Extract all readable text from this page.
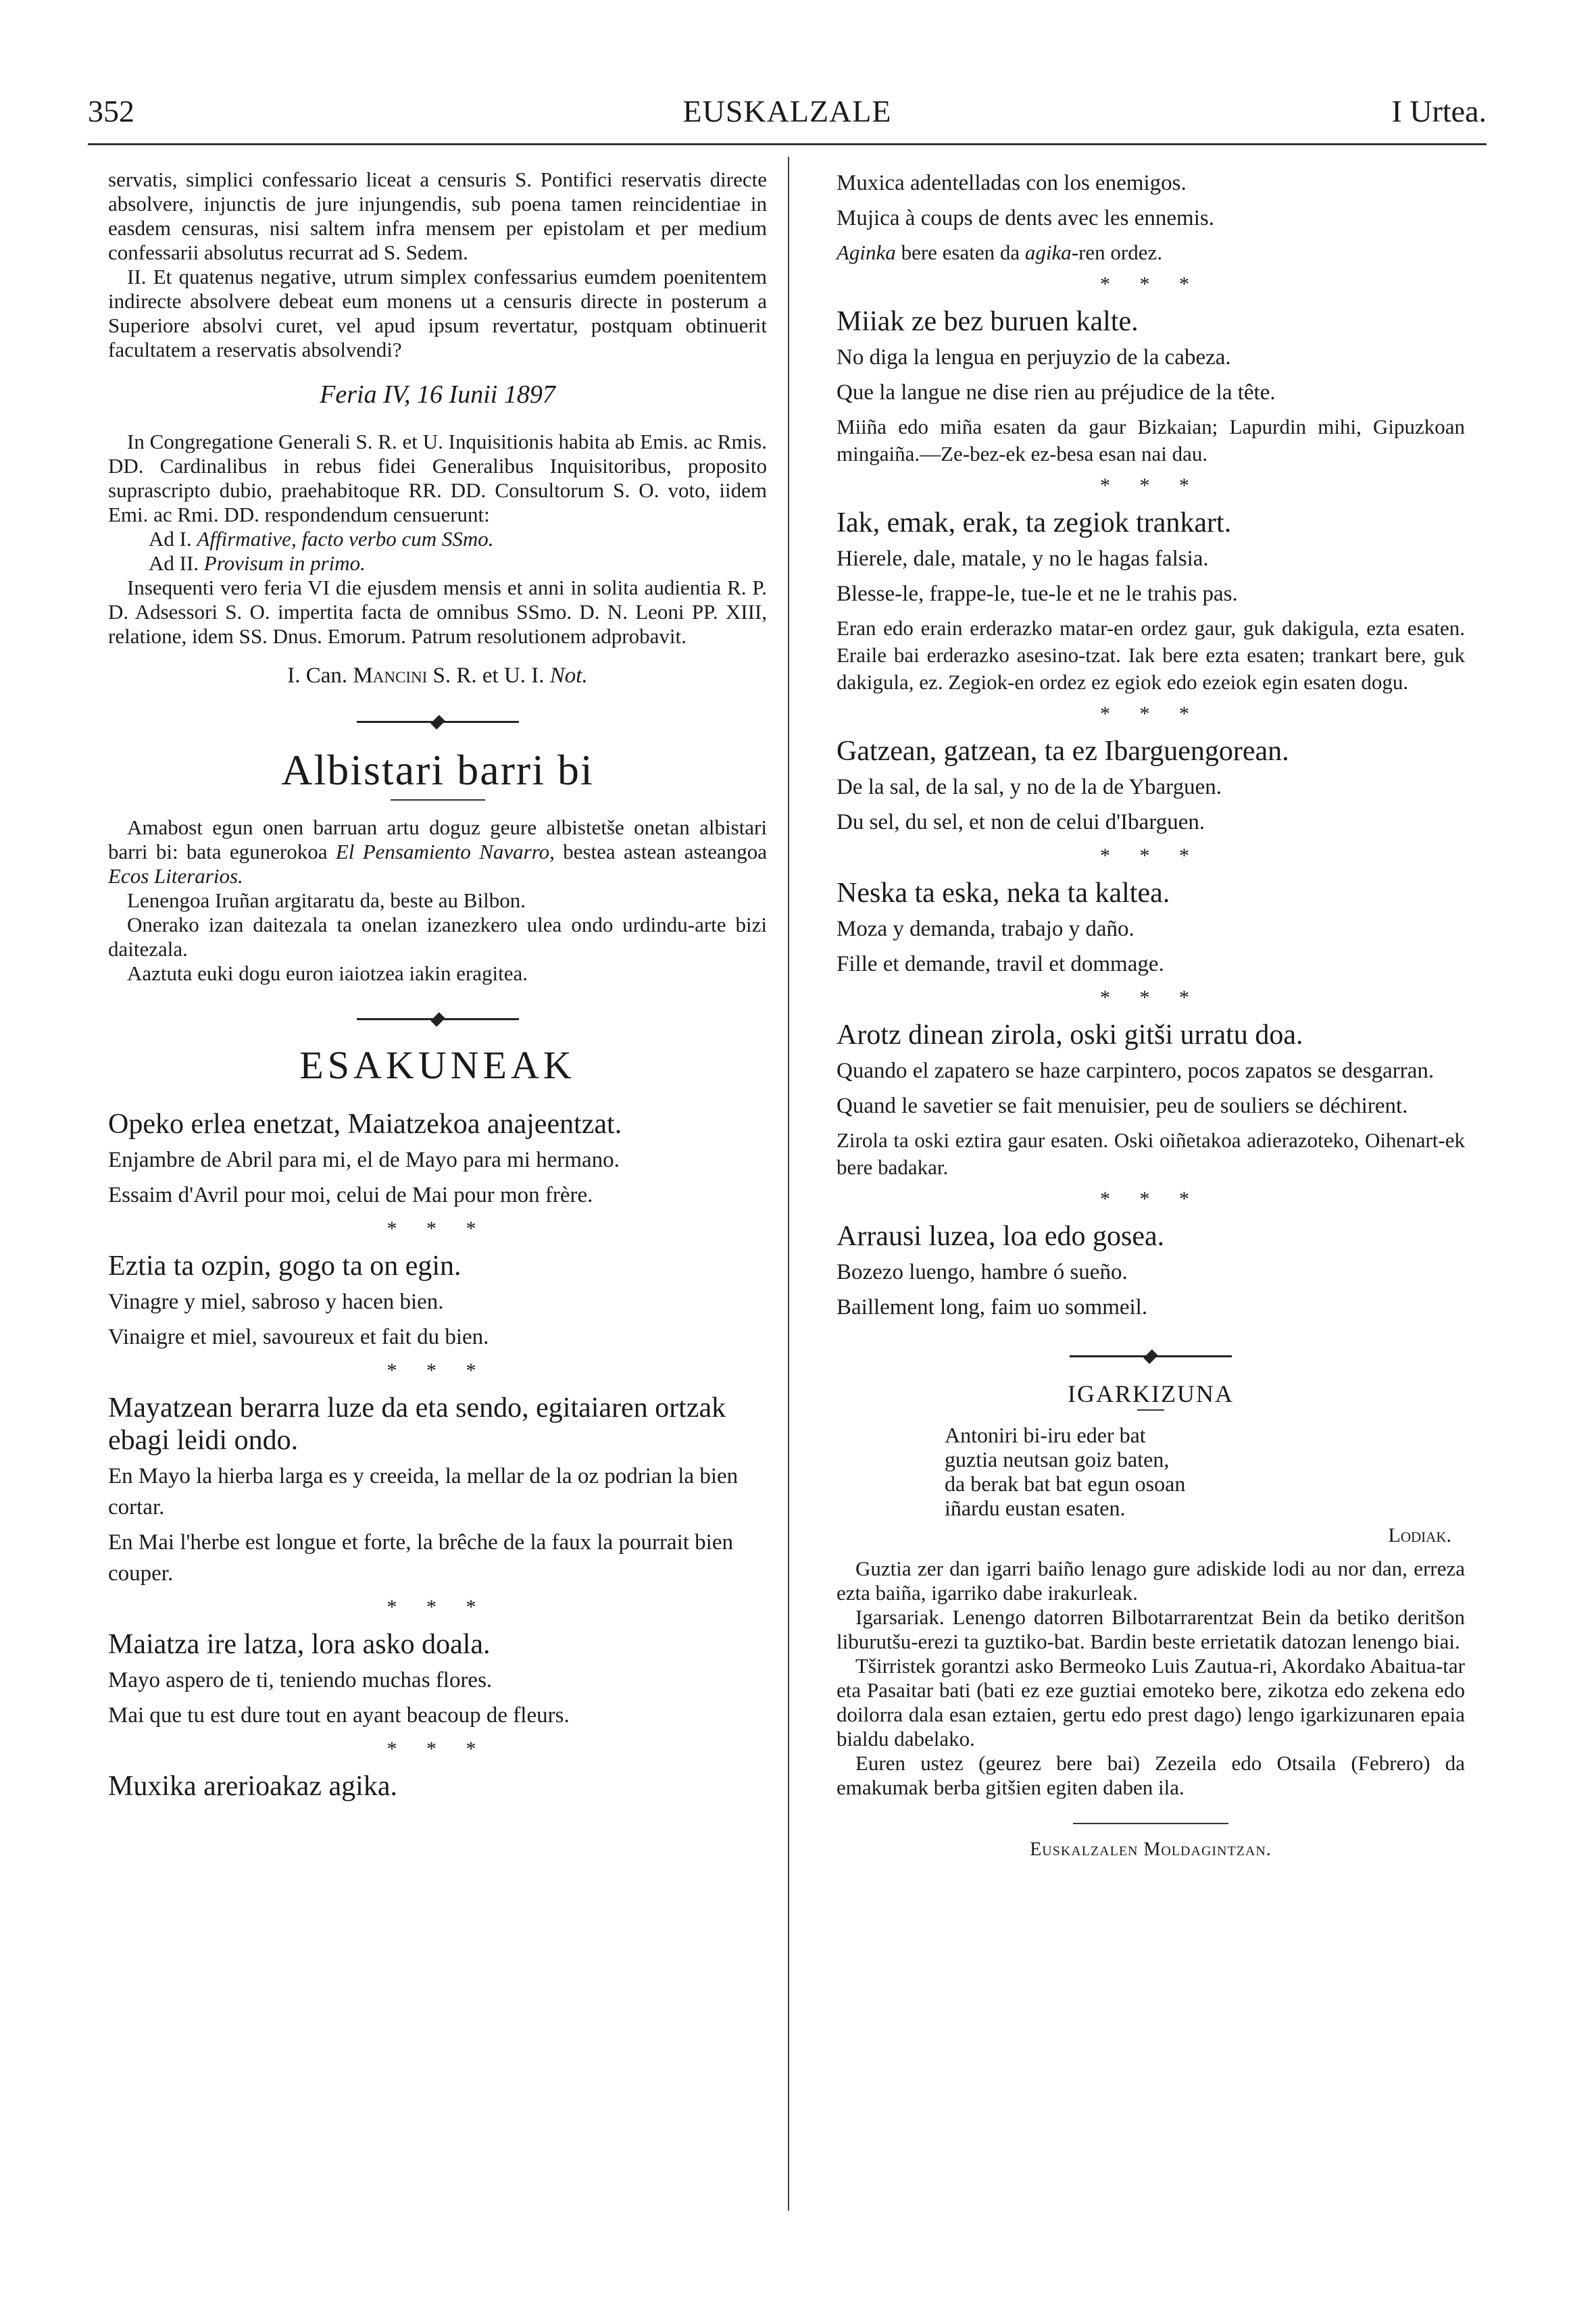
352	EUSKALZALE	I Urtea.

servatis, simplici confessario liceat a censuris S. Pontifici reservatis directe absolvere, injunctis de jure injungendis, sub poena tamen reincidentiae in easdem censuras, nisi saltem infra mensem per epistolam et per medium confessarii absolutus recurrat ad S. Sedem.

II. Et quatenus negative, utrum simplex confessarius eumdem poenitentem indirecte absolvere debeat eum monens ut a censuris directe in posterum a Superiore absolvi curet, vel apud ipsum revertatur, postquam obtinuerit facultatem a reservatis absolvendi?

Feria IV, 16 Iunii 1897

In Congregatione Generali S. R. et U. Inquisitionis habita ab Emis. ac Rmis. DD. Cardinalibus in rebus fidei Generalibus Inquisitoribus, proposito suprascripto dubio, praehabitoque RR. DD. Consultorum S. O. voto, iidem Emi. ac Rmi. DD. respondendum censuerunt:

Ad I. Affirmative, facto verbo cum SSmo.

Ad II. Provisum in primo.

Insequenti vero feria VI die ejusdem mensis et anni in solita audientia R. P. D. Adsessori S. O. impertita facta de omnibus SSmo. D. N. Leoni PP. XIII, relatione, idem SS. Dnus. Emorum. Patrum resolutionem adprobavit.

I. Can. Mancini S. R. et U. I. Not.

Albistari barri bi

Amabost egun onen barruan artu doguz geure albistetše onetan albistari barri bi: bata egunerokoa El Pensamiento Navarro, bestea astean asteangoa Ecos Literarios.

Lenengoa Iruñan argitaratu da, beste au Bilbon.

Onerako izan daitezala ta onelan izanezkero ulea ondo urdindu-arte bizi daitezala.

Aaztuta euki dogu euron iaiotzea iakin eragitea.

ESAKUNEAK

Opeko erlea enetzat, Maiatzekoa anajeentzat.

Enjambre de Abril para mi, el de Mayo para mi hermano.

Essaim d'Avril pour moi, celui de Mai pour mon frère.

* * *

Eztia ta ozpin, gogo ta on egin.

Vinagre y miel, sabroso y hacen bien.

Vinaigre et miel, savoureux et fait du bien.

* * *

Mayatzean berarra luze da eta sendo, egitaiaren ortzak ebagi leidi ondo.

En Mayo la hierba larga es y creeida, la mellar de la oz podrian la bien cortar.

En Mai l'herbe est longue et forte, la brêche de la faux la pourrait bien couper.

* * *

Maiatza ire latza, lora asko doala.

Mayo aspero de ti, teniendo muchas flores.

Mai que tu est dure tout en ayant beacoup de fleurs.

* * *

Muxika arerioakaz agika.

Muxica adentelladas con los enemigos.

Mujica à coups de dents avec les ennemis.

Aginka bere esaten da agika-ren ordez.

* * *

Miiak ze bez buruen kalte.

No diga la lengua en perjuyzio de la cabeza.

Que la langue ne dise rien au préjudice de la tête.

Miiña edo miña esaten da gaur Bizkaian; Lapurdin mihi, Gipuzkoan mingaiña.—Ze-bez-ek ez-besa esan nai dau.

* * *

Iak, emak, erak, ta zegiok trankart.

Hierele, dale, matale, y no le hagas falsia.

Blesse-le, frappe-le, tue-le et ne le trahis pas.

Eran edo erain erderazko matar-en ordez gaur, guk dakigula, ezta esaten. Eraile bai erderazko asesino-tzat. Iak bere ezta esaten; trankart bere, guk dakigula, ez. Zegiok-en ordez ez egiok edo ezeiok egin esaten dogu.

* * *

Gatzean, gatzean, ta ez Ibarguengorean.

De la sal, de la sal, y no de la de Ybarguen.

Du sel, du sel, et non de celui d'Ibarguen.

* * *

Neska ta eska, neka ta kaltea.

Moza y demanda, trabajo y daño.

Fille et demande, travil et dommage.

* * *

Arotz dinean zirola, oski gitši urratu doa.

Quando el zapatero se haze carpintero, pocos zapatos se desgarran.

Quand le savetier se fait menuisier, peu de souliers se déchirent.

Zirola ta oski eztira gaur esaten. Oski oiñetakoa adierazoteko, Oihenart-ek bere badakar.

* * *

Arrausi luzea, loa edo gosea.

Bozezo luengo, hambre ó sueño.

Baillement long, faim uo sommeil.

IGARKIZUNA

Antoniri bi-iru eder bat

guztia neutsan goiz baten,

da berak bat bat egun osoan

iñardu eustan esaten.

Lodiak.

Guztia zer dan igarri baiño lenago gure adiskide lodi au nor dan, erreza ezta baiña, igarriko dabe irakurleak.

Igarsariak. Lenengo datorren Bilbotarrarentzat Bein da betiko deritšon liburutšu-erezi ta guztiko-bat. Bardin beste errietatik datozan lenengo biai.

Tširristek gorantzi asko Bermeoko Luis Zautua-ri, Akordako Abaitua-tar eta Pasaitar bati (bati ez eze guztiai emoteko bere, zikotza edo zekena edo doilorra dala esan eztaien, gertu edo prest dago) lengo igarkizunaren epaia bialdu dabelako.

Euren ustez (geurez bere bai) Zezeila edo Otsaila (Febrero) da emakumak berba gitšien egiten daben ila.

Euskalzalen Moldagintzan.
